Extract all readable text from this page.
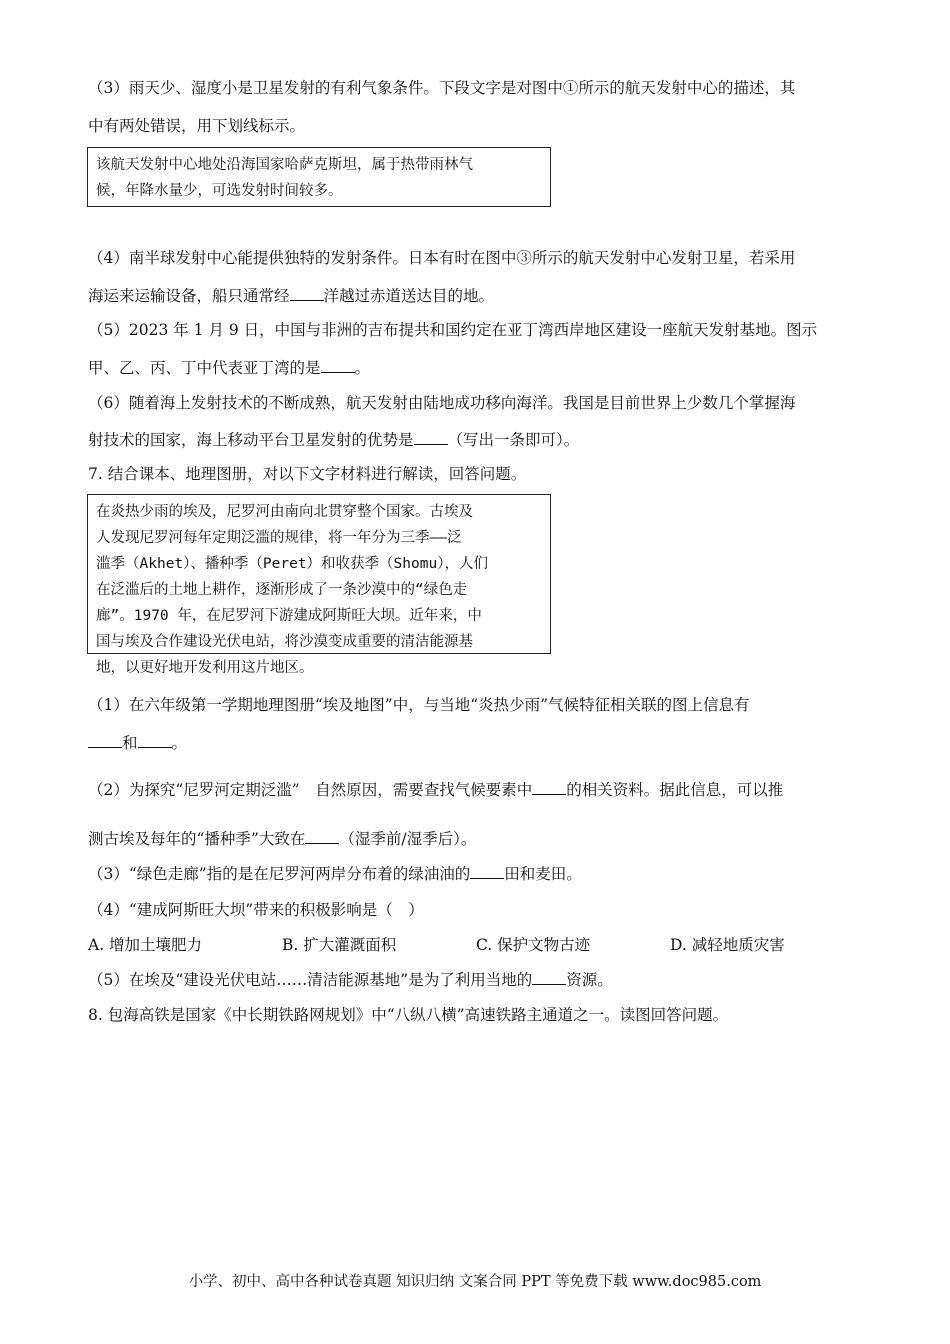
（3）雨天少、湿度小是卫星发射的有利气象条件。下段文字是对图中①所示的航天发射中心的描述，其
中有两处错误，用下划线标示。
该航天发射中心地处沿海国家哈萨克斯坦，属于热带雨林气
候，年降水量少，可选发射时间较多。
（4）南半球发射中心能提供独特的发射条件。日本有时在图中③所示的航天发射中心发射卫星，若采用
海运来运输设备，船只通常经 洋越过赤道送达目的地。
（5）2023 年 1 月 9 日，中国与非洲的吉布提共和国约定在亚丁湾西岸地区建设一座航天发射基地。图示
甲、乙、丙、丁中代表亚丁湾的是 。
（6）随着海上发射技术的不断成熟，航天发射由陆地成功移向海洋。我国是目前世界上少数几个掌握海
射技术的国家，海上移动平台卫星发射的优势是 （写出一条即可）。
7. 结合课本、地理图册，对以下文字材料进行解读，回答问题。
在炎热少雨的埃及，尼罗河由南向北贯穿整个国家。古埃及
人发现尼罗河每年定期泛滥的规律，将一年分为三季——泛
滥季（Akhet）、播种季（Peret）和收获季（Shomu），人们
在泛滥后的土地上耕作，逐渐形成了一条沙漠中的“绿色走
廊”。1970 年，在尼罗河下游建成阿斯旺大坝。近年来，中
国与埃及合作建设光伏电站，将沙漠变成重要的清洁能源基
地，以更好地开发利用这片地区。
（1）在六年级第一学期地理图册“埃及地图”中，与当地“炎热少雨”气候特征相关联的图上信息有
和 。
（2）为探究“尼罗河定期泛滥”　自然原因，需要查找气候要素中 的相关资料。据此信息，可以推
测古埃及每年的“播种季”大致在 （湿季前/湿季后）。
（3）“绿色走廊”指的是在尼罗河两岸分布着的绿油油的 田和麦田。
（4）“建成阿斯旺大坝”带来的积极影响是（　）
A. 增加土壤肥力	B. 扩大灌溉面积	C. 保护文物古迹	D. 减轻地质灾害
（5）在埃及“建设光伏电站……清洁能源基地”是为了利用当地的 资源。
8. 包海高铁是国家《中长期铁路网规划》中“八纵八横”高速铁路主通道之一。读图回答问题。
小学、初中、高中各种试卷真题 知识归纳 文案合同 PPT 等免费下载 www.doc985.com
